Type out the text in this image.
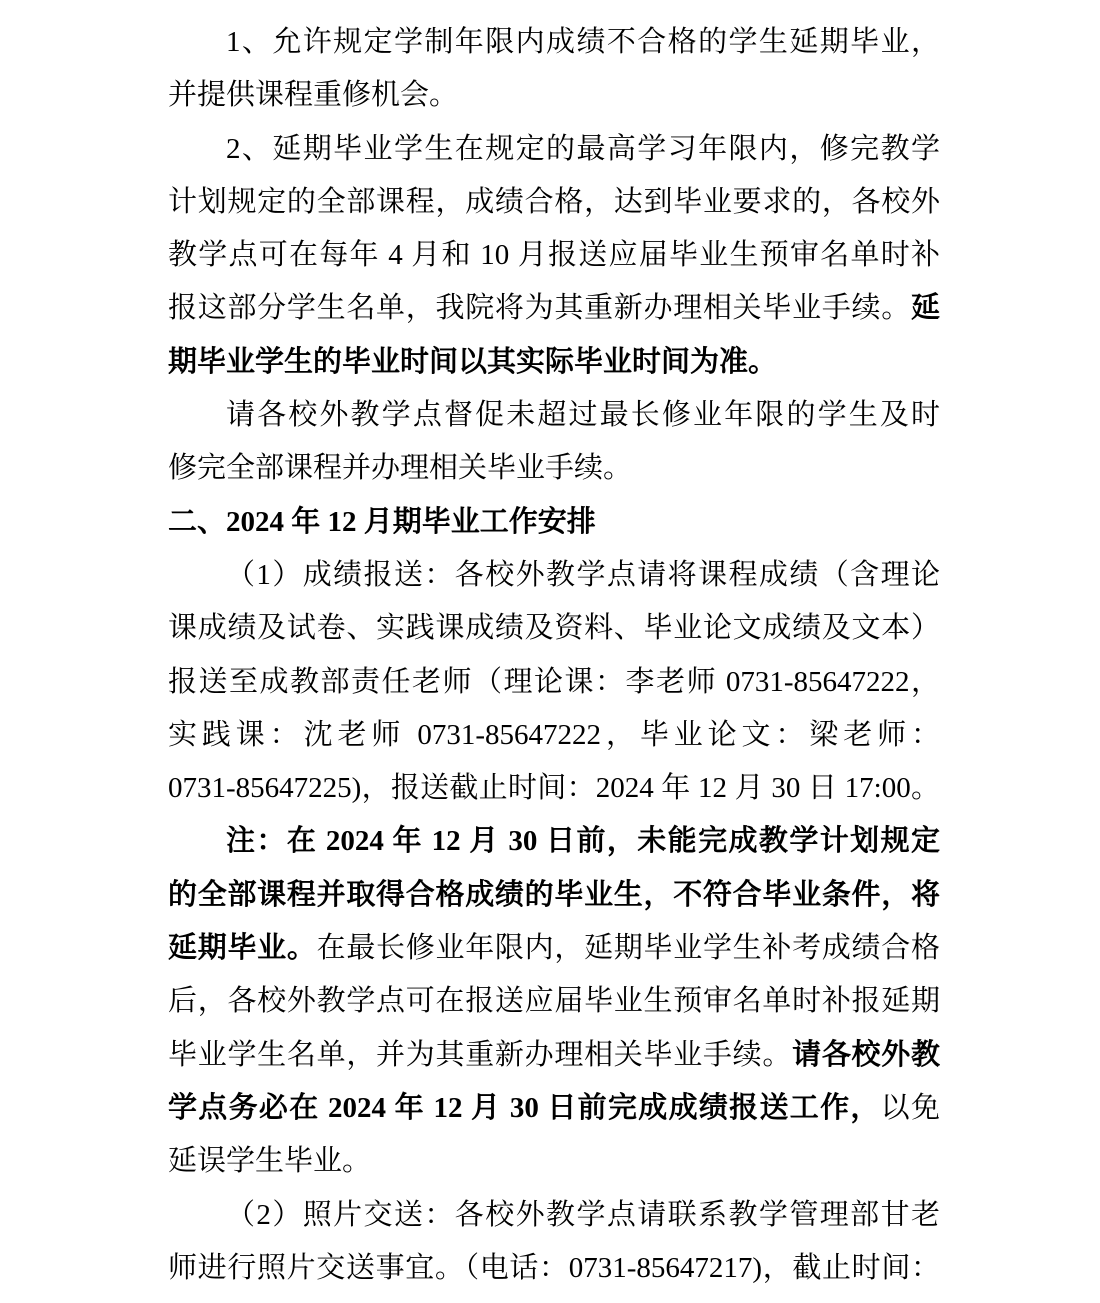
1、允许规定学制年限内成绩不合格的学生延期毕业，
并提供课程重修机会。
2、延期毕业学生在规定的最高学习年限内，修完教学
计划规定的全部课程，成绩合格，达到毕业要求的，各校外
教学点可在每年 4 月和 10 月报送应届毕业生预审名单时补
报这部分学生名单，我院将为其重新办理相关毕业手续。延
期毕业学生的毕业时间以其实际毕业时间为准。
请各校外教学点督促未超过最长修业年限的学生及时
修完全部课程并办理相关毕业手续。
二、2024 年 12 月期毕业工作安排
（1）成绩报送：各校外教学点请将课程成绩（含理论
课成绩及试卷、实践课成绩及资料、毕业论文成绩及文本）
报送至成教部责任老师（理论课：李老师 0731-85647222，
实践课：沈老师 0731-85647222，毕业论文：梁老师：
0731-85647225)，报送截止时间：2024 年 12 月 30 日 17:00。
注：在 2024 年 12 月 30 日前，未能完成教学计划规定
的全部课程并取得合格成绩的毕业生，不符合毕业条件，将
延期毕业。在最长修业年限内，延期毕业学生补考成绩合格
后，各校外教学点可在报送应届毕业生预审名单时补报延期
毕业学生名单，并为其重新办理相关毕业手续。请各校外教
学点务必在 2024 年 12 月 30 日前完成成绩报送工作，以免
延误学生毕业。
（2）照片交送：各校外教学点请联系教学管理部甘老
师进行照片交送事宜。（电话：0731-85647217)，截止时间：
